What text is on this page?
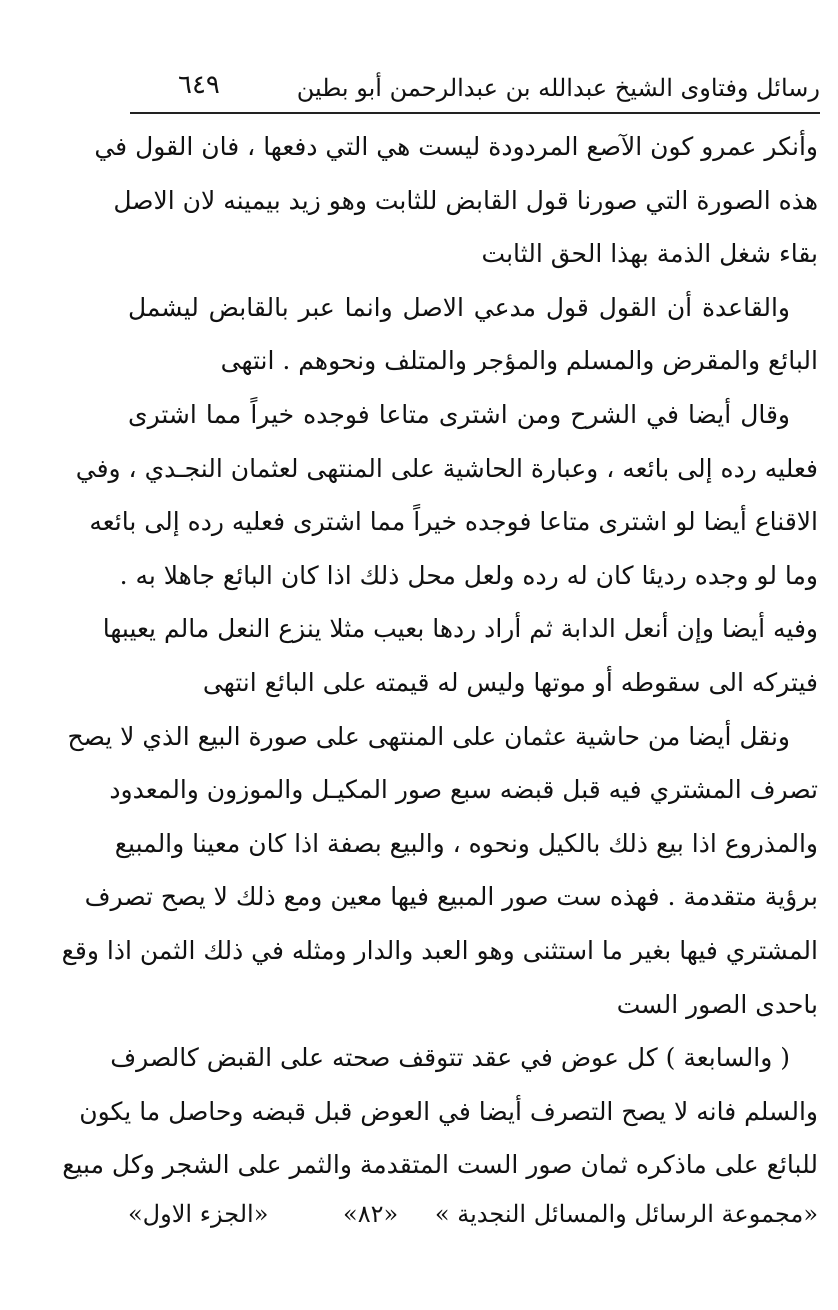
رسائل وفتاوى الشيخ عبدالله بن عبدالرحمن أبو بطين
٦٤٩
وأنكر عمرو كون الآصع المردودة ليست هي التي دفعها ، فان القول في
هذه الصورة التي صورنا قول القابض للثابت وهو زيد بيمينه لان الاصل
بقاء شغل الذمة بهذا الحق الثابت
والقاعدة أن القول قول مدعي الاصل وانما عبر بالقابض ليشمل
البائع والمقرض والمسلم والمؤجر والمتلف ونحوهم . انتهى
وقال أيضا في الشرح ومن اشترى متاعا فوجده خيراً مما اشترى
فعليه رده إلى بائعه ، وعبارة الحاشية على المنتهى لعثمان النجـدي ، وفي
الاقناع أيضا لو اشترى متاعا فوجده خيراً مما اشترى فعليه رده إلى بائعه
وما لو وجده رديئا كان له رده ولعل محل ذلك اذا كان البائع جاهلا به .
وفيه أيضا وإن أنعل الدابة ثم أراد ردها بعيب مثلا ينزع النعل مالم يعيبها
فيتركه الى سقوطه أو موتها وليس له قيمته على البائع انتهى
ونقل أيضا من حاشية عثمان على المنتهى على صورة البيع الذي لا يصح
تصرف المشتري فيه قبل قبضه سبع صور المكيـل والموزون والمعدود
والمذروع اذا بيع ذلك بالكيل ونحوه ، والبيع بصفة اذا كان معينا والمبيع
برؤية متقدمة . فهذه ست صور المبيع فيها معين ومع ذلك لا يصح تصرف
المشتري فيها بغير ما استثنى وهو العبد والدار ومثله في ذلك الثمن اذا وقع
باحدى الصور الست
( والسابعة ) كل عوض في عقد تتوقف صحته على القبض كالصرف
والسلم فانه لا يصح التصرف أيضا في العوض قبل قبضه وحاصل ما يكون
للبائع على ماذكره ثمان صور الست المتقدمة والثمر على الشجر وكل مبيع
«مجموعة الرسائل والمسائل النجدية »
«٨٢»
«الجزء الاول»
